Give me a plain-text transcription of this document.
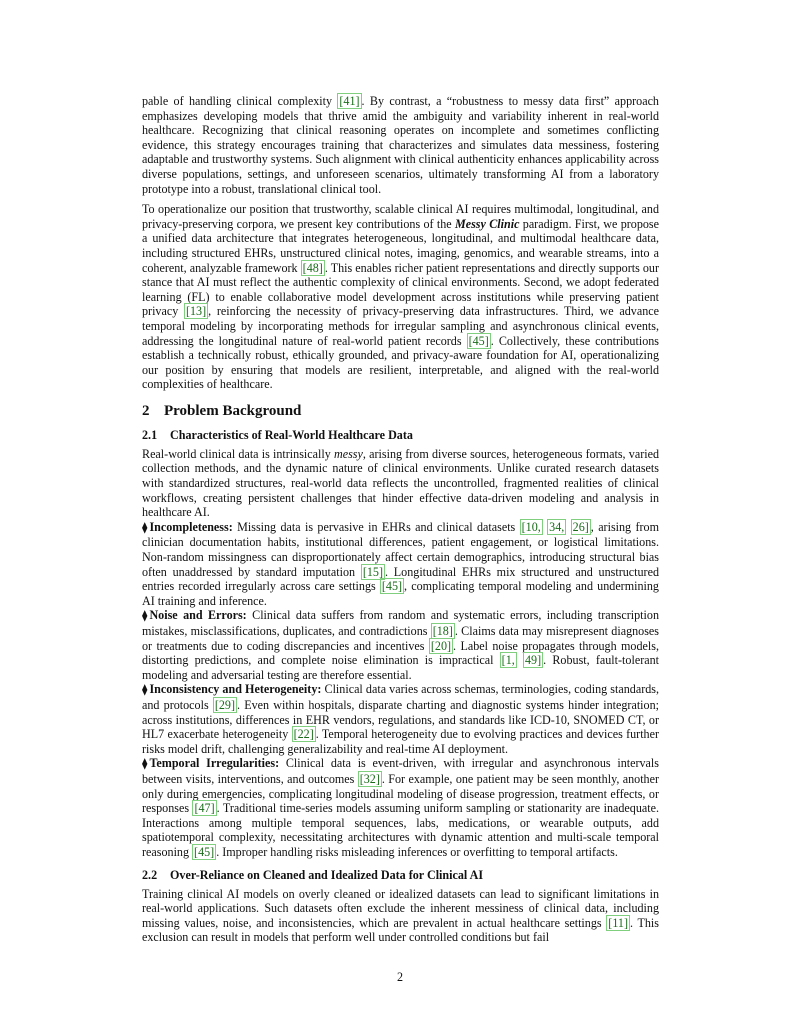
pable of handling clinical complexity [41] . By contrast, a “robustness to messy data first” approach emphasizes developing models that thrive amid the ambiguity and variability inherent in real-world healthcare. Recognizing that clinical reasoning operates on incomplete and sometimes conflicting evidence, this strategy encourages training that characterizes and simulates data messiness, fostering adaptable and trustworthy systems. Such alignment with clinical authenticity enhances applicability across diverse populations, settings, and unforeseen scenarios, ultimately transforming AI from a laboratory prototype into a robust, translational clinical tool.

To operationalize our position that trustworthy, scalable clinical AI requires multimodal, longitudinal, and privacy-preserving corpora, we present key contributions of the Messy Clinic paradigm. First, we propose a unified data architecture that integrates heterogeneous, longitudinal, and multimodal healthcare data, including structured EHRs, unstructured clinical notes, imaging, genomics, and wearable streams, into a coherent, analyzable framework [48] . This enables richer patient representations and directly supports our stance that AI must reflect the authentic complexity of clinical environments. Second, we adopt federated learning (FL) to enable collaborative model development across institutions while preserving patient privacy [13] , reinforcing the necessity of privacy-preserving data infrastructures. Third, we advance temporal modeling by incorporating methods for irregular sampling and asynchronous clinical events, addressing the longitudinal nature of real-world patient records [45] . Collectively, these contributions establish a technically robust, ethically grounded, and privacy-aware foundation for AI, operationalizing our position by ensuring that models are resilient, interpretable, and aligned with the real-world complexities of healthcare.

2 Problem Background
2.1 Characteristics of Real-World Healthcare Data

Real-world clinical data is intrinsically messy, arising from diverse sources, heterogeneous formats, varied collection methods, and the dynamic nature of clinical environments. Unlike curated research datasets with standardized structures, real-world data reflects the uncontrolled, fragmented realities of clinical workflows, creating persistent challenges that hinder effective data-driven modeling and analysis in healthcare AI.

⧫ Incompleteness: Missing data is pervasive in EHRs and clinical datasets [10, 34, 26] , arising from clinician documentation habits, institutional differences, patient engagement, or logistical limitations. Non-random missingness can disproportionately affect certain demographics, introducing structural bias often unaddressed by standard imputation [15] . Longitudinal EHRs mix structured and unstructured entries recorded irregularly across care settings [45] , complicating temporal modeling and undermining AI training and inference.

⧫ Noise and Errors: Clinical data suffers from random and systematic errors, including transcription mistakes, misclassifications, duplicates, and contradictions [18] . Claims data may misrepresent diagnoses or treatments due to coding discrepancies and incentives [20] . Label noise propagates through models, distorting predictions, and complete noise elimination is impractical [1, 49] . Robust, fault-tolerant modeling and adversarial testing are therefore essential.

⧫ Inconsistency and Heterogeneity: Clinical data varies across schemas, terminologies, coding standards, and protocols [29] . Even within hospitals, disparate charting and diagnostic systems hinder integration; across institutions, differences in EHR vendors, regulations, and standards like ICD-10, SNOMED CT, or HL7 exacerbate heterogeneity [22] . Temporal heterogeneity due to evolving practices and devices further risks model drift, challenging generalizability and real-time AI deployment.

⧫ Temporal Irregularities: Clinical data is event-driven, with irregular and asynchronous intervals between visits, interventions, and outcomes [32] . For example, one patient may be seen monthly, another only during emergencies, complicating longitudinal modeling of disease progression, treatment effects, or responses [47] . Traditional time-series models assuming uniform sampling or stationarity are inadequate. Interactions among multiple temporal sequences, labs, medications, or wearable outputs, add spatiotemporal complexity, necessitating architectures with dynamic attention and multi-scale temporal reasoning [45] . Improper handling risks misleading inferences or overfitting to temporal artifacts.

2.2 Over-Reliance on Cleaned and Idealized Data for Clinical AI

Training clinical AI models on overly cleaned or idealized datasets can lead to significant limitations in real-world applications. Such datasets often exclude the inherent messiness of clinical data, including missing values, noise, and inconsistencies, which are prevalent in actual healthcare settings [11] . This exclusion can result in models that perform well under controlled conditions but fail

2
